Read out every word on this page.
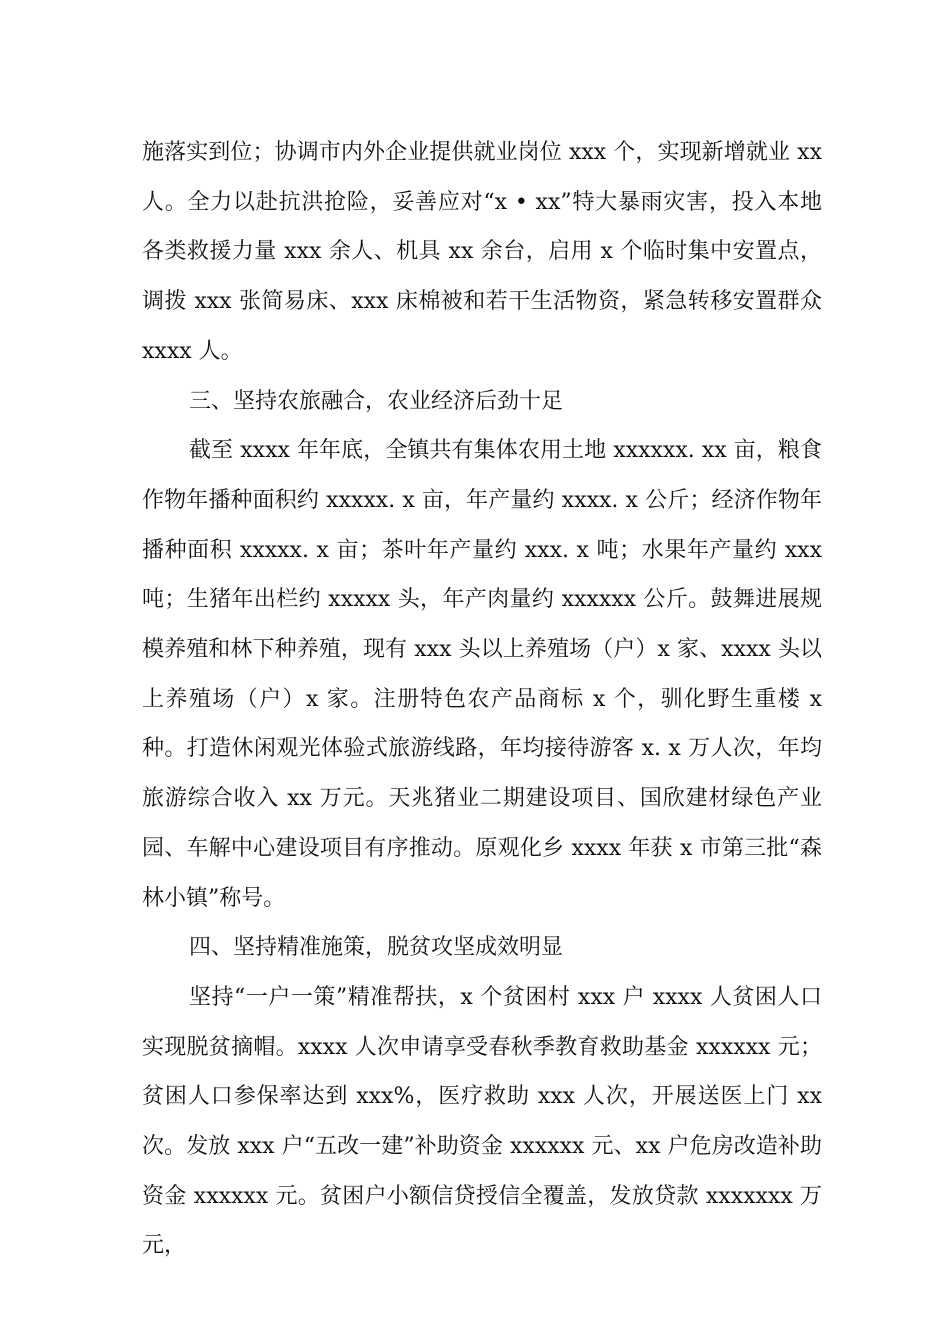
施落实到位；协调市内外企业提供就业岗位 xxx 个，实现新增就业 xx 人。全力以赴抗洪抢险，妥善应对“x • xx”特大暴雨灾害，投入本地各类救援力量 xxx 余人、机具 xx 余台，启用 x 个临时集中安置点，调拨 xxx 张简易床、xxx 床棉被和若干生活物资，紧急转移安置群众 xxxx 人。

三、坚持农旅融合，农业经济后劲十足

截至 xxxx 年年底，全镇共有集体农用土地 xxxxxx. xx 亩，粮食作物年播种面积约 xxxxx. x 亩，年产量约 xxxx. x 公斤；经济作物年播种面积 xxxxx. x 亩；茶叶年产量约 xxx. x 吨；水果年产量约 xxx 吨；生猪年出栏约 xxxxx 头，年产肉量约 xxxxxx 公斤。鼓舞进展规模养殖和林下种养殖，现有 xxx 头以上养殖场（户）x 家、xxxx 头以上养殖场（户）x 家。注册特色农产品商标 x 个，驯化野生重楼 x 种。打造休闲观光体验式旅游线路，年均接待游客 x. x 万人次，年均旅游综合收入 xx 万元。天兆猪业二期建设项目、国欣建材绿色产业园、车解中心建设项目有序推动。原观化乡 xxxx 年获 x 市第三批“森林小镇”称号。

四、坚持精准施策，脱贫攻坚成效明显

坚持“一户一策”精准帮扶，x 个贫困村 xxx 户 xxxx 人贫困人口实现脱贫摘帽。xxxx 人次申请享受春秋季教育救助基金 xxxxxx 元；贫困人口参保率达到 xxx%，医疗救助 xxx 人次，开展送医上门 xx 次。发放 xxx 户“五改一建”补助资金 xxxxxx 元、xx 户危房改造补助资金 xxxxxx 元。贫困户小额信贷授信全覆盖，发放贷款 xxxxxxx 万元，
